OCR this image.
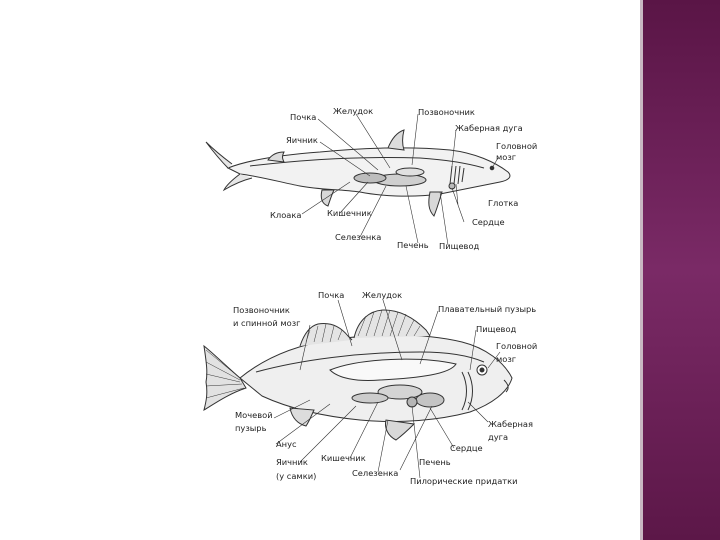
Почка
Желудок	Позвоночник
Жаберная дуга
Яичник
Головной
мозг
Клоака	Кишечник
Глотка
Сердце
Селезенка
Печень Пищевод
Почка Желудок
Позвоночник
и спинной мозг
Плавательный пузырь
Пищевод
Головной
мозг
Мочевой
пузырь	Жаберная
дуга
Анус	Сердце
Яичник
(у самки)
Кишечник	Печень
Селезенка
Пилорические придатки
